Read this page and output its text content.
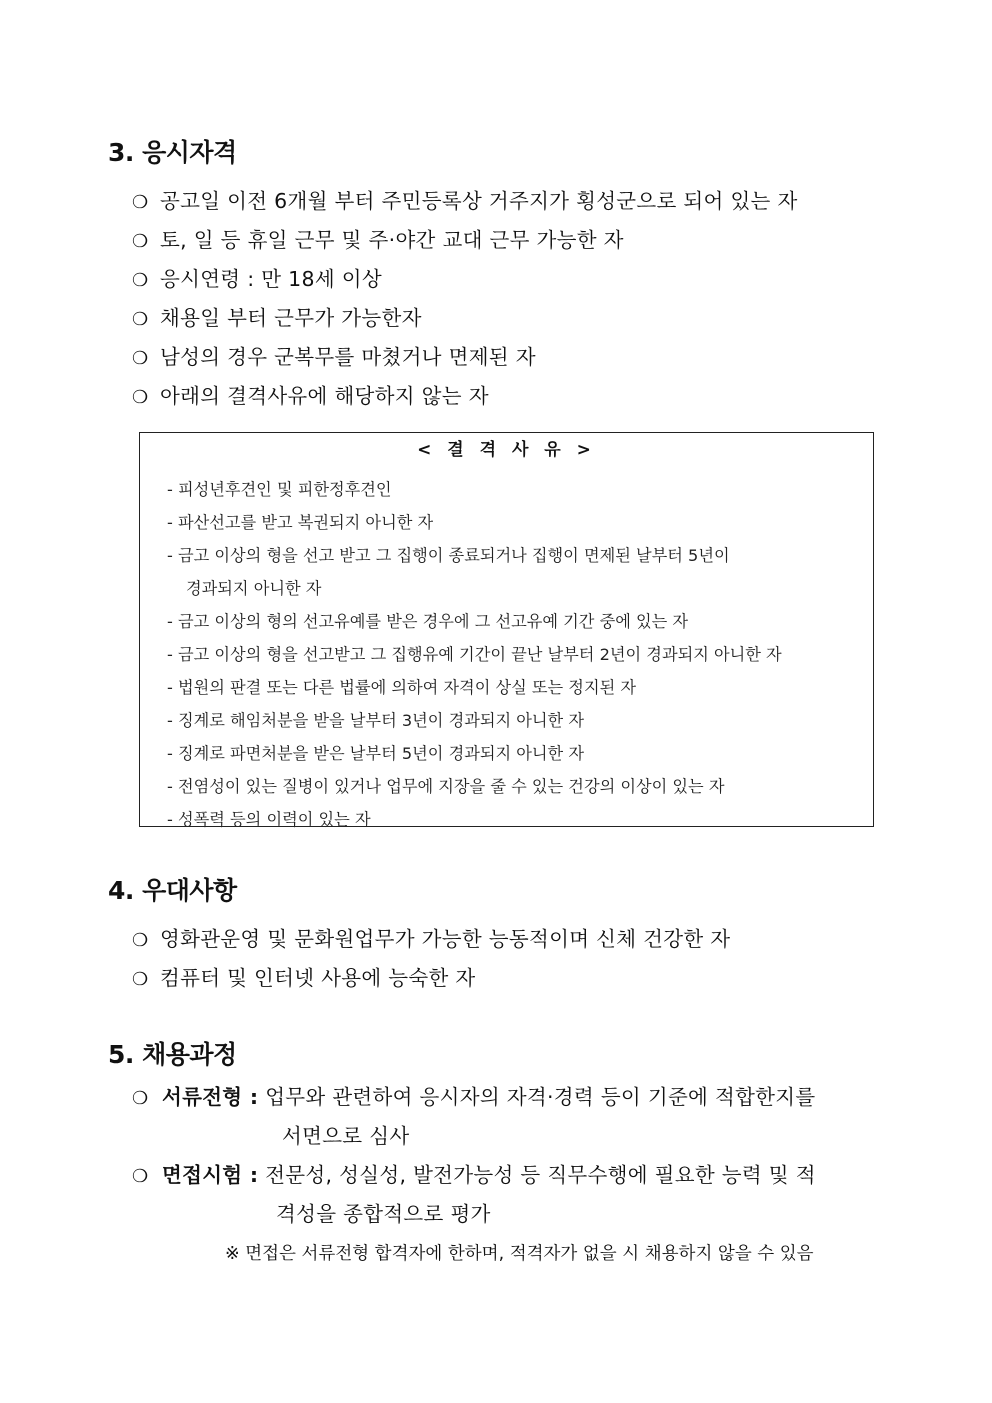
3. 응시자격
❍ 공고일 이전 6개월 부터 주민등록상 거주지가 횡성군으로 되어 있는 자
❍ 토, 일 등 휴일 근무 및 주·야간 교대 근무 가능한 자
❍ 응시연령 : 만 18세 이상
❍ 채용일 부터 근무가 가능한자
❍ 남성의 경우 군복무를 마쳤거나 면제된 자
❍ 아래의 결격사유에 해당하지 않는 자
< 결 격 사 유 >
- 피성년후견인 및 피한정후견인
- 파산선고를 받고 복권되지 아니한 자
- 금고 이상의 형을 선고 받고 그 집행이 종료되거나 집행이 면제된 날부터 5년이
경과되지 아니한 자
- 금고 이상의 형의 선고유예를 받은 경우에 그 선고유예 기간 중에 있는 자
- 금고 이상의 형을 선고받고 그 집행유예 기간이 끝난 날부터 2년이 경과되지 아니한 자
- 법원의 판결 또는 다른 법률에 의하여 자격이 상실 또는 정지된 자
- 징계로 해임처분을 받을 날부터 3년이 경과되지 아니한 자
- 징계로 파면처분을 받은 날부터 5년이 경과되지 아니한 자
- 전염성이 있는 질병이 있거나 업무에 지장을 줄 수 있는 건강의 이상이 있는 자
- 성폭력 등의 이력이 있는 자
4. 우대사항
❍ 영화관운영 및 문화원업무가 가능한 능동적이며 신체 건강한 자
❍ 컴퓨터 및 인터넷 사용에 능숙한 자
5. 채용과정
❍ 서류전형 : 업무와 관련하여 응시자의 자격·경력 등이 기준에 적합한지를
서면으로 심사
❍ 면접시험 : 전문성, 성실성, 발전가능성 등 직무수행에 필요한 능력 및 적
격성을 종합적으로 평가
※ 면접은 서류전형 합격자에 한하며, 적격자가 없을 시 채용하지 않을 수 있음
